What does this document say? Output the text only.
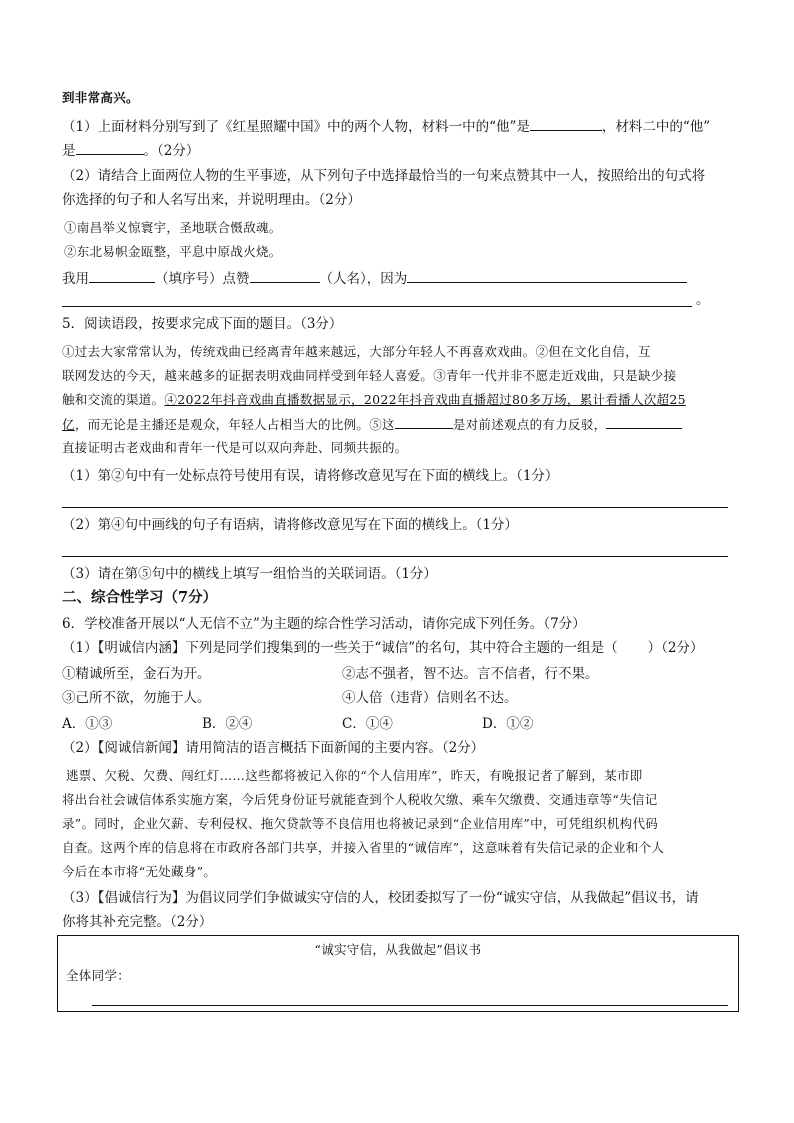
到非常高兴。
（1）上面材料分别写到了《红星照耀中国》中的两个人物，材料一中的“他”是	，材料二中的“他”
是	。（2分）
（2）请结合上面两位人物的生平事迹，从下列句子中选择最恰当的一句来点赞其中一人，按照给出的句式将
你选择的句子和人名写出来，并说明理由。（2分）
①南昌举义惊寰宇，圣地联合慑敌魂。
②东北易帜金瓯整，平息中原战火烧。
我用	（填序号）点赞	（人名），因为
。
5．阅读语段，按要求完成下面的题目。（3分）
①过去大家常常认为，传统戏曲已经离青年越来越远，大部分年轻人不再喜欢戏曲。②但在文化自信，互
联网发达的今天，越来越多的证据表明戏曲同样受到年轻人喜爱。③青年一代并非不愿走近戏曲，只是缺少接
触和交流的渠道。④2022年抖音戏曲直播数据显示，2022年抖音戏曲直播超过80多万场，累计看播人次超25
亿，而无论是主播还是观众，年轻人占相当大的比例。⑤这	是对前述观点的有力反驳，
直接证明古老戏曲和青年一代是可以双向奔赴、同频共振的。
（1）第②句中有一处标点符号使用有误，请将修改意见写在下面的横线上。（1分）
（2）第④句中画线的句子有语病，请将修改意见写在下面的横线上。（1分）
（3）请在第⑤句中的横线上填写一组恰当的关联词语。（1分）
二、综合性学习（7分）
6．学校准备开展以“人无信不立”为主题的综合性学习活动，请你完成下列任务。（7分）
（1）【明诚信内涵】下列是同学们搜集到的一些关于“诚信”的名句，其中符合主题的一组是（ ）（2分）
①精诚所至，金石为开。	②志不强者，智不达。言不信者，行不果。
③己所不欲，勿施于人。	④人倍（违背）信则名不达。
A．①③	B．②④	C．①④	D．①②
（2）【阅诚信新闻】请用简洁的语言概括下面新闻的主要内容。（2分）
逃票、欠税、欠费、闯红灯……这些都将被记入你的“个人信用库”，昨天，有晚报记者了解到，某市即
将出台社会诚信体系实施方案，今后凭身份证号就能查到个人税收欠缴、乘车欠缴费、交通违章等“失信记
录”。同时，企业欠薪、专利侵权、拖欠贷款等不良信用也将被记录到“企业信用库”中，可凭组织机构代码
自查。这两个库的信息将在市政府各部门共享，并接入省里的“诚信库”，这意味着有失信记录的企业和个人
今后在本市将“无处藏身”。
（3）【倡诚信行为】为倡议同学们争做诚实守信的人，校团委拟写了一份“诚实守信，从我做起”倡议书，请
你将其补充完整。（2分）
“诚实守信，从我做起”倡议书
全体同学：
